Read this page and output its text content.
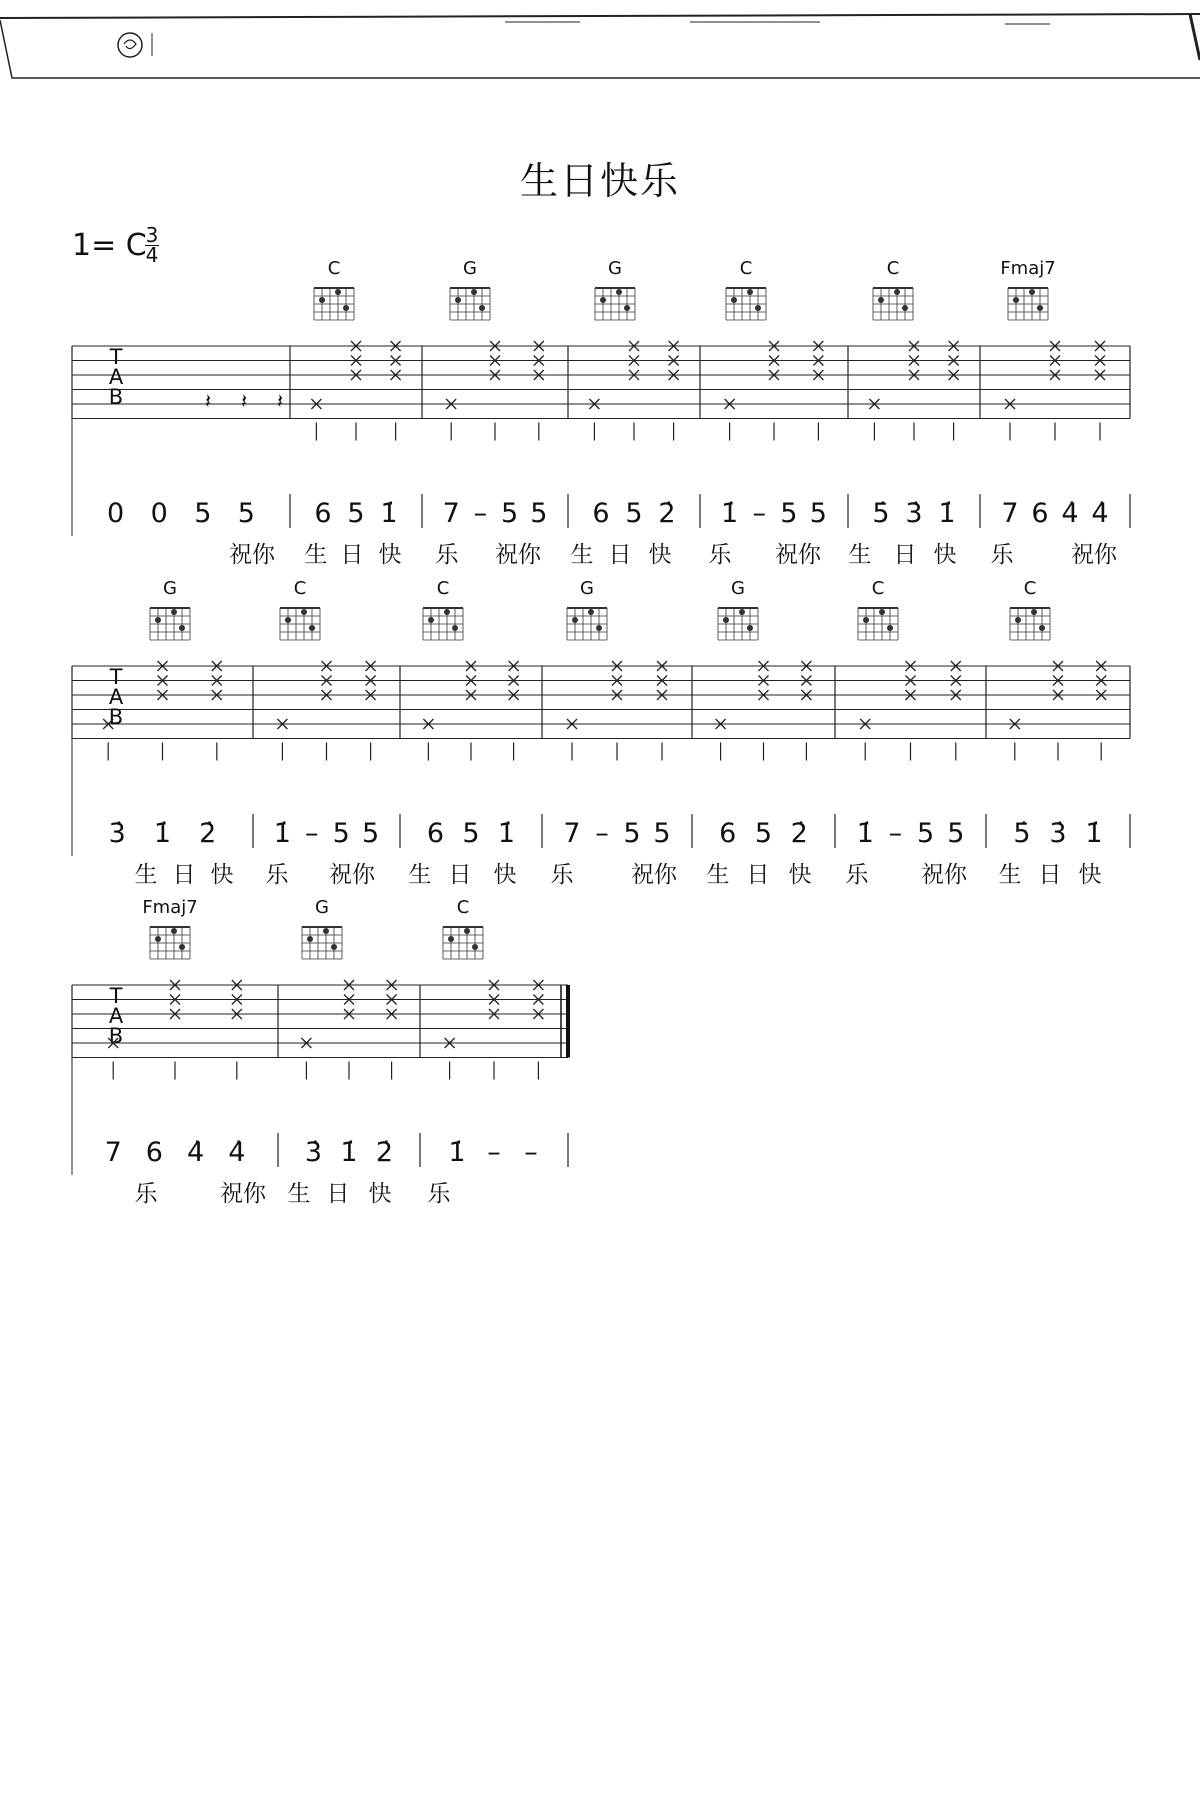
T
A
B
C	G	G	C	C	Fmaj7
𝄽 𝄽 𝄽
0 0 5 5 6 5 1̇ 7 – 5 5 6 5 2̇ 1̇ – 5 5 5̇ 3̇ 1̇ 7 6 4̇ 4̇
祝你 生 日 快 乐 祝你 生 日 快 乐 祝你 生 日 快 乐	祝你
T
A
B
G	C	C	G	G	C	C
3̇ 1̇ 2̇ 1̇ – 5 5 6 5 1̇ 7 – 5 5 6 5 2̇ 1̇ – 5 5 5̇ 3̇ 1̇
生 日 快 乐 祝你 生 日 快 乐	祝你 生 日 快 乐 祝你 生 日 快
T
A
B
Fmaj7	G	C
7 6 4̇ 4̇ 3̇ 1̇ 2̇ 1̇ – –
乐	祝你 生 日 快 乐
生日快乐
1= C
3
4
